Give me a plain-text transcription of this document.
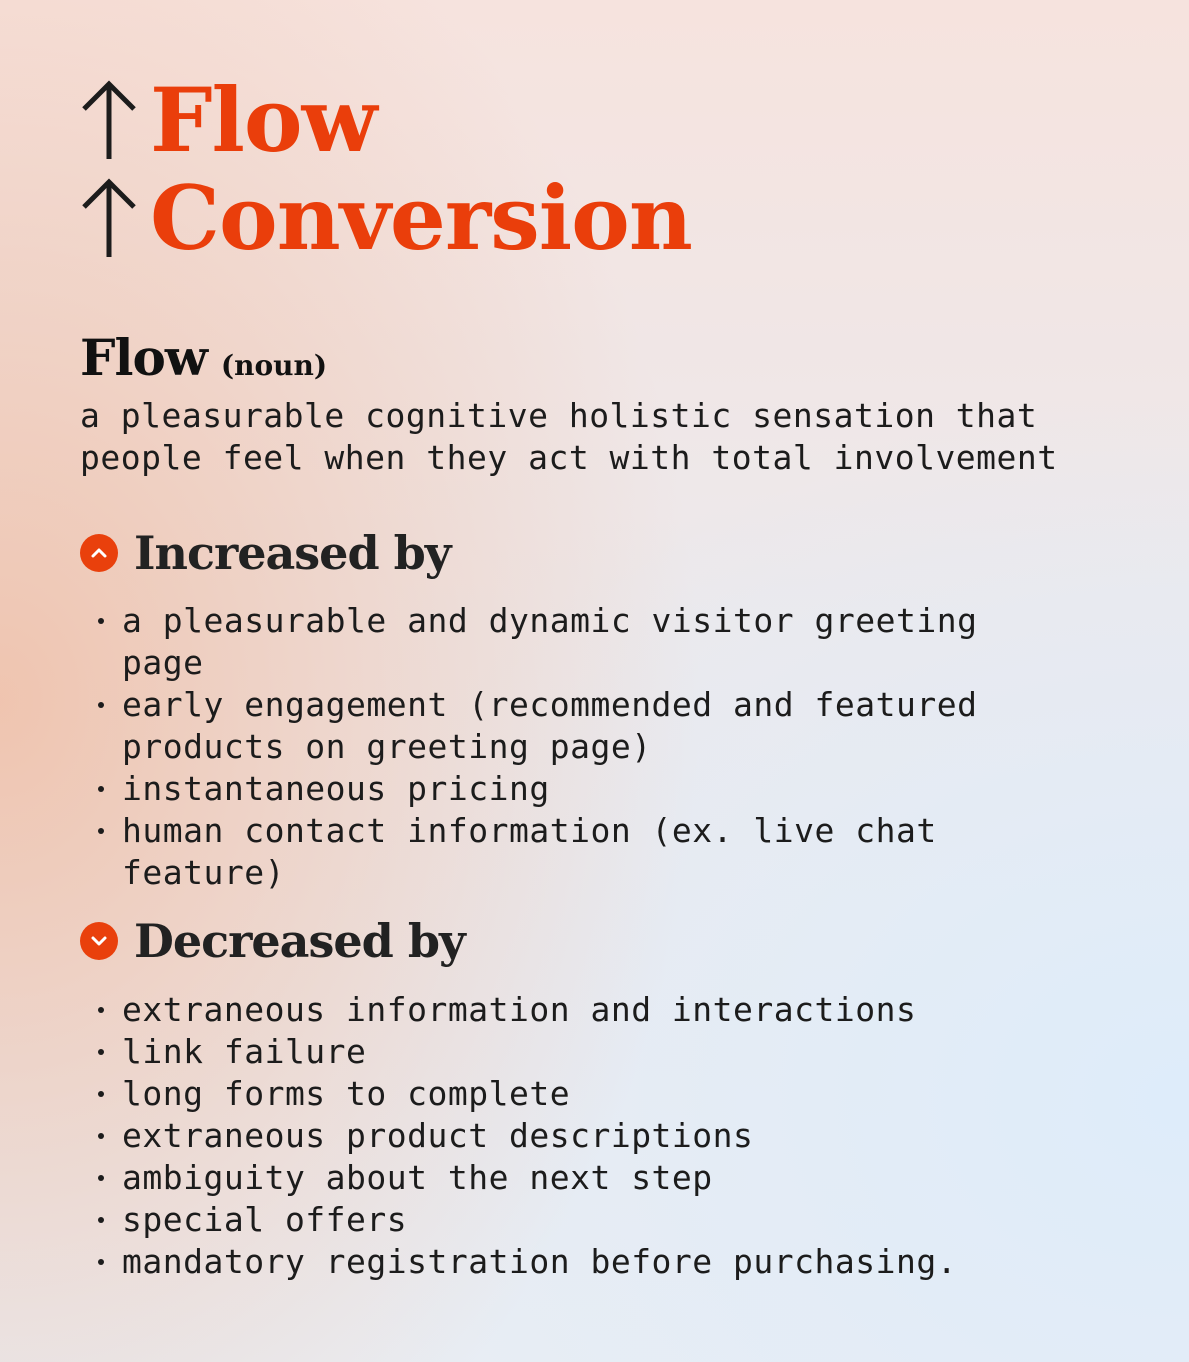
Flow
Conversion
Flow (noun)

a pleasurable cognitive holistic sensation that people feel when they act with total involvement

Increased by
a pleasurable and dynamic visitor greeting page
early engagement (recommended and featured products on greeting page)
instantaneous pricing
human contact information (ex. live chat feature)
Decreased by
extraneous information and interactions
link failure
long forms to complete
extraneous product descriptions
ambiguity about the next step
special offers
mandatory registration before purchasing.
